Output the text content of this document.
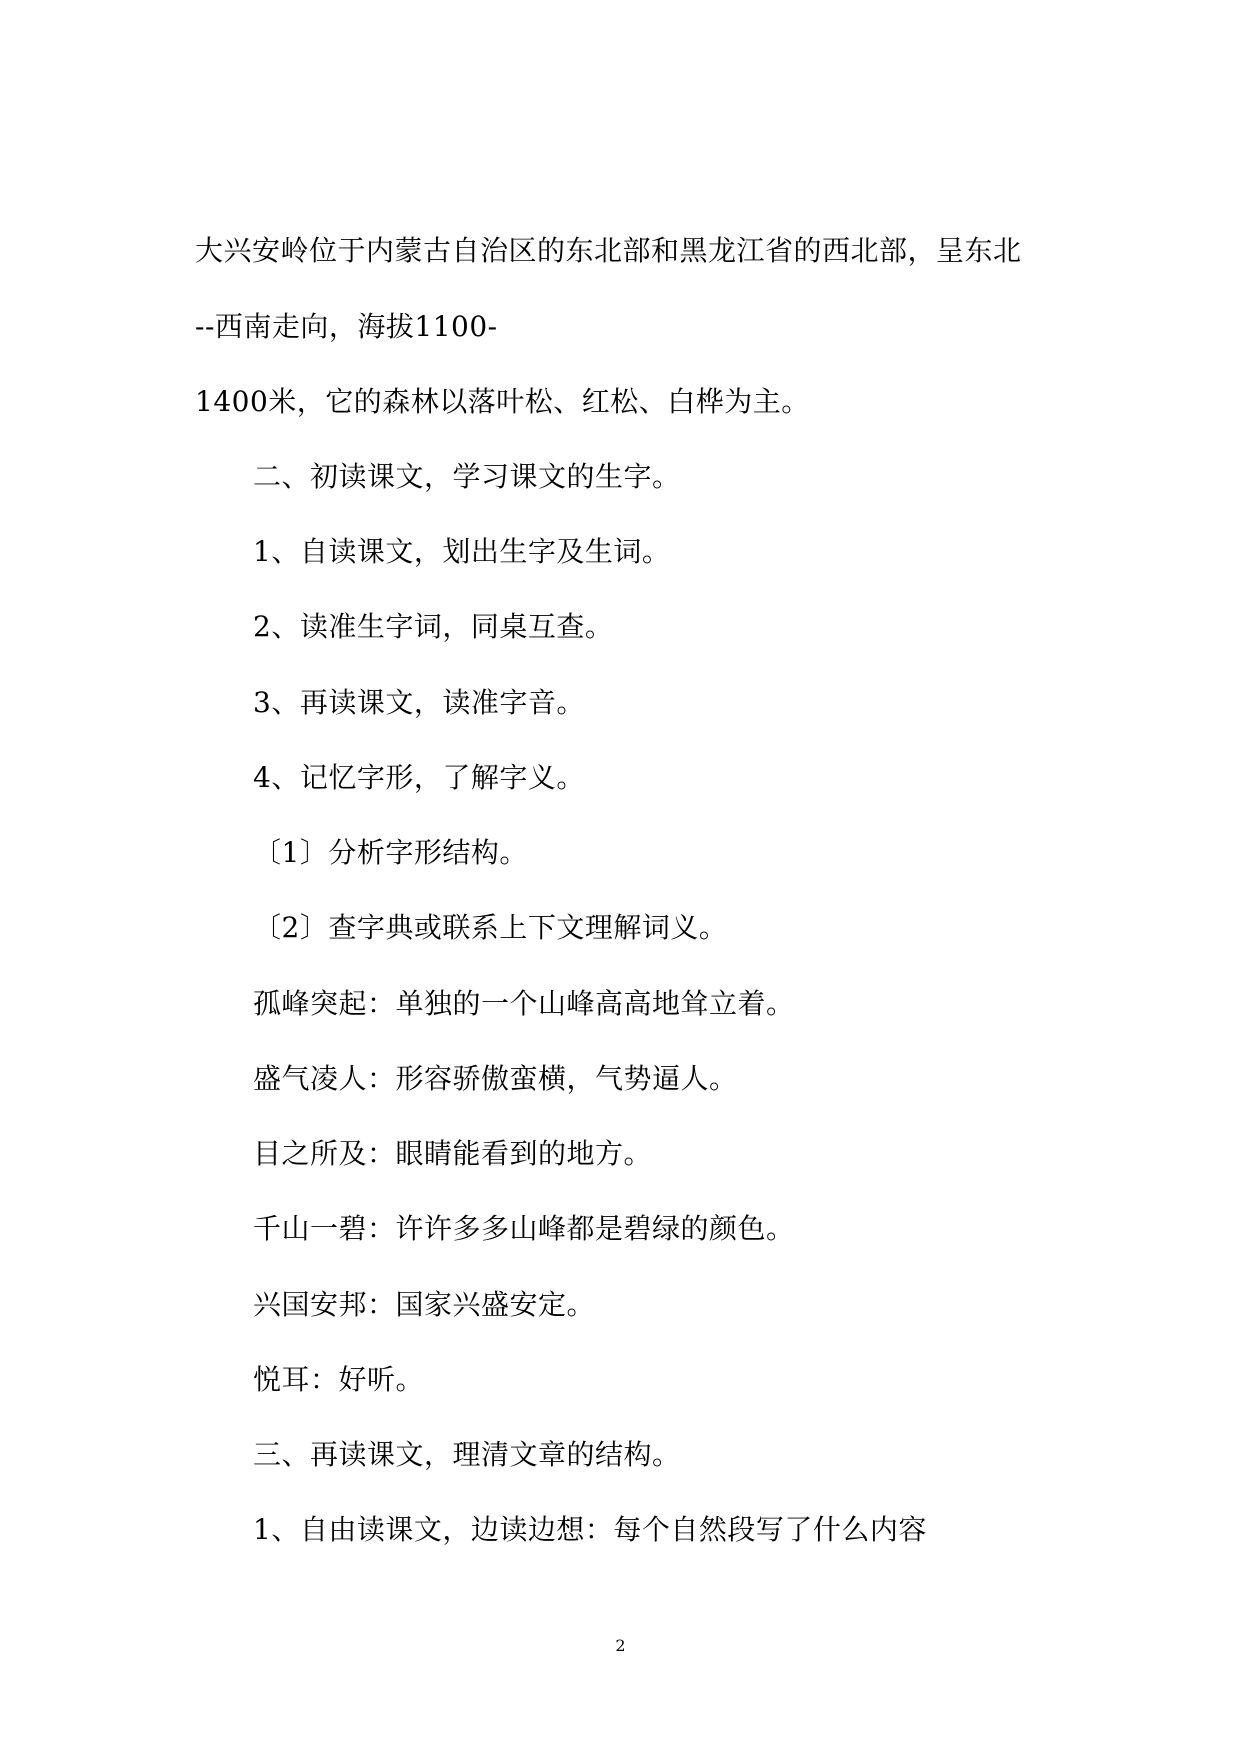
大兴安岭位于内蒙古自治区的东北部和黑龙江省的西北部，呈东北
--西南走向，海拔1100-
1400米，它的森林以落叶松、红松、白桦为主。
二、初读课文，学习课文的生字。
1、自读课文，划出生字及生词。
2、读准生字词，同桌互查。
3、再读课文，读准字音。
4、记忆字形，了解字义。
〔1〕分析字形结构。
〔2〕查字典或联系上下文理解词义。
孤峰突起：单独的一个山峰高高地耸立着。
盛气凌人：形容骄傲蛮横，气势逼人。
目之所及：眼睛能看到的地方。
千山一碧：许许多多山峰都是碧绿的颜色。
兴国安邦：国家兴盛安定。
悦耳：好听。
三、再读课文，理清文章的结构。
1、自由读课文，边读边想：每个自然段写了什么内容
2
